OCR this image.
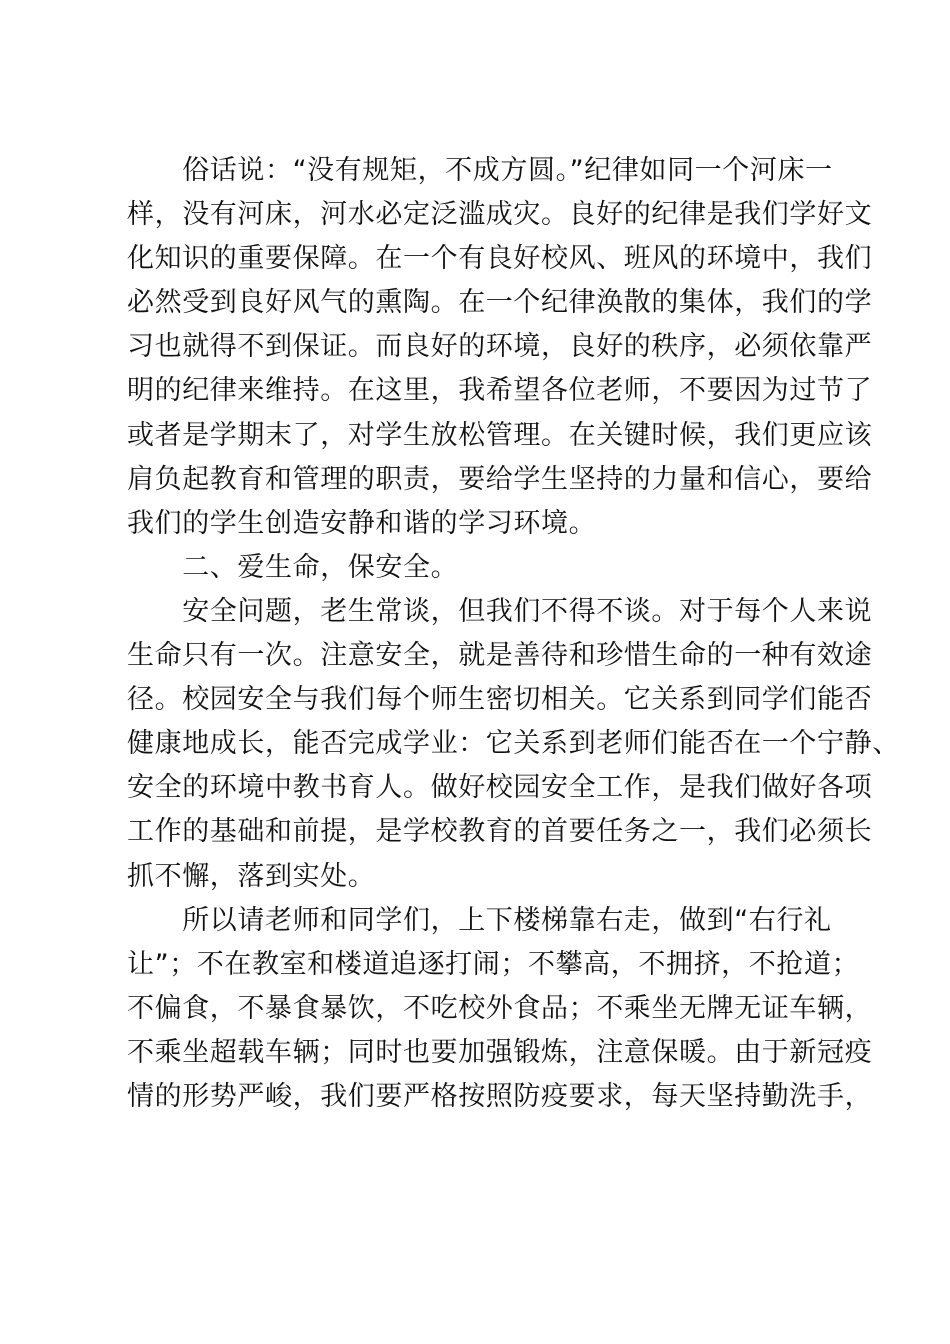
　　俗话说：“没有规矩，不成方圆。”纪律如同一个河床一
样，没有河床，河水必定泛滥成灾。良好的纪律是我们学好文
化知识的重要保障。在一个有良好校风、班风的环境中，我们
必然受到良好风气的熏陶。在一个纪律涣散的集体，我们的学
习也就得不到保证。而良好的环境，良好的秩序，必须依靠严
明的纪律来维持。在这里，我希望各位老师，不要因为过节了
或者是学期末了，对学生放松管理。在关键时候，我们更应该
肩负起教育和管理的职责，要给学生坚持的力量和信心，要给
我们的学生创造安静和谐的学习环境。
　　二、爱生命，保安全。
　　安全问题，老生常谈，但我们不得不谈。对于每个人来说
生命只有一次。注意安全，就是善待和珍惜生命的一种有效途
径。校园安全与我们每个师生密切相关。它关系到同学们能否
健康地成长，能否完成学业：它关系到老师们能否在一个宁静、
安全的环境中教书育人。做好校园安全工作，是我们做好各项
工作的基础和前提，是学校教育的首要任务之一，我们必须长
抓不懈，落到实处。
　　所以请老师和同学们，上下楼梯靠右走，做到“右行礼
让”；不在教室和楼道追逐打闹；不攀高，不拥挤，不抢道；
不偏食，不暴食暴饮，不吃校外食品；不乘坐无牌无证车辆，
不乘坐超载车辆；同时也要加强锻炼，注意保暖。由于新冠疫
情的形势严峻，我们要严格按照防疫要求，每天坚持勤洗手，
